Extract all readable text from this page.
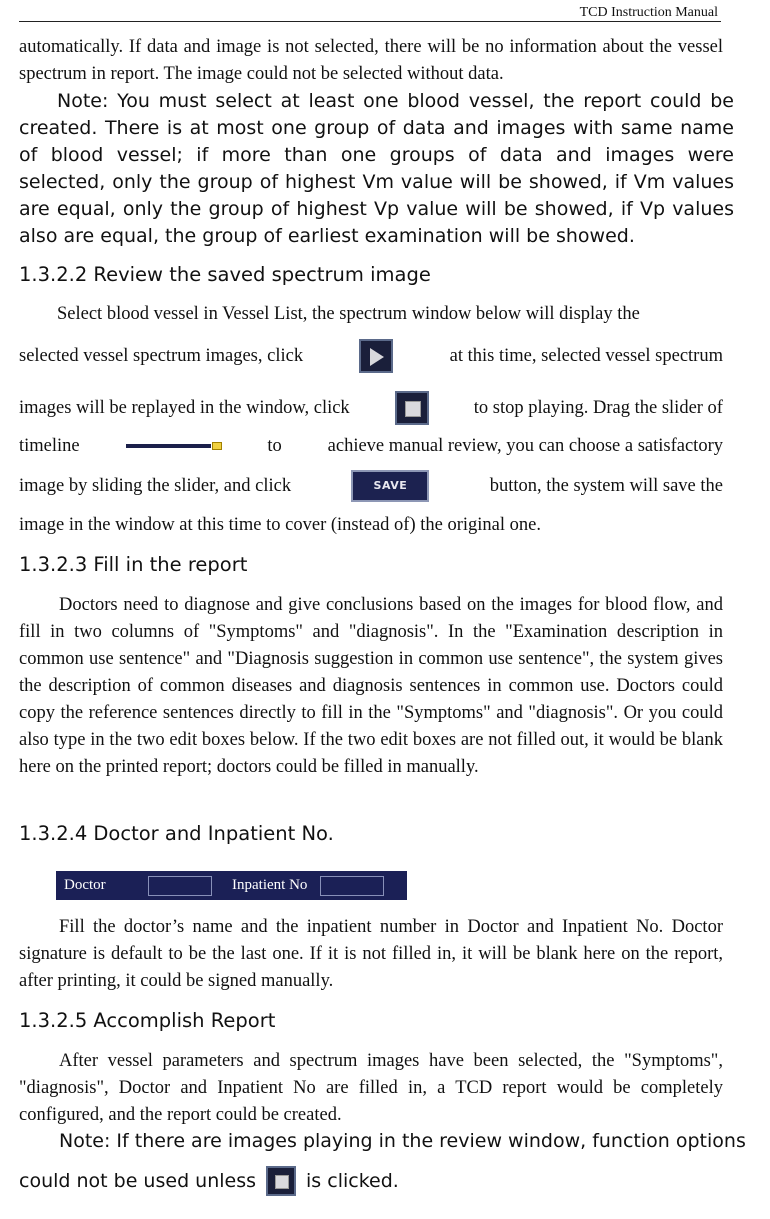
TCD Instruction Manual
automatically. If data and image is not selected, there will be no information about the vessel spectrum in report. The image could not be selected without data.
Note: You must select at least one blood vessel, the report could be created. There is at most one group of data and images with same name of blood vessel; if more than one groups of data and images were selected, only the group of highest Vm value will be showed, if Vm values are equal, only the group of highest Vp value will be showed, if Vp values also are equal, the group of earliest examination will be showed.
1.3.2.2 Review the saved spectrum image
Select blood vessel in Vessel List, the spectrum window below will display the
selected vessel spectrum images, click	at this time, selected vessel spectrum
images will be replayed in the window, click	to stop playing. Drag the slider of
timeline	to achieve manual review, you can choose a satisfactory
image by sliding the slider, and click	SAVE	button, the system will save the
image in the window at this time to cover (instead of) the original one.
1.3.2.3 Fill in the report
Doctors need to diagnose and give conclusions based on the images for blood flow, and fill in two columns of "Symptoms" and "diagnosis". In the "Examination description in common use sentence" and "Diagnosis suggestion in common use sentence", the system gives the description of common diseases and diagnosis sentences in common use. Doctors could copy the reference sentences directly to fill in the "Symptoms" and "diagnosis". Or you could also type in the two edit boxes below. If the two edit boxes are not filled out, it would be blank here on the printed report; doctors could be filled in manually.
1.3.2.4 Doctor and Inpatient No.
Doctor	Inpatient No
Fill the doctor’s name and the inpatient number in Doctor and Inpatient No. Doctor signature is default to be the last one. If it is not filled in, it will be blank here on the report, after printing, it could be signed manually.
1.3.2.5 Accomplish Report
After vessel parameters and spectrum images have been selected, the "Symptoms", "diagnosis", Doctor and Inpatient No are filled in, a TCD report would be completely configured, and the report could be created.
Note: If there are images playing in the review window, function options
could not be used unless	is clicked.
